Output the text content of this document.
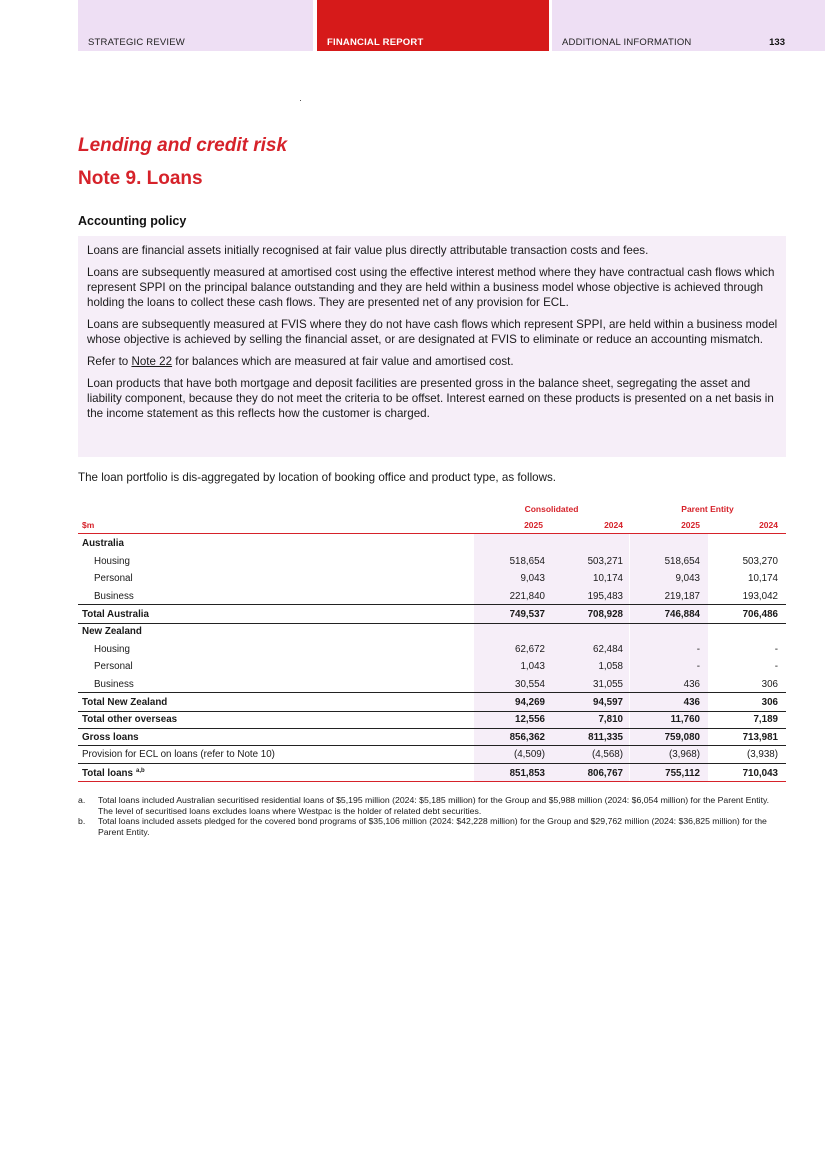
STRATEGIC REVIEW	FINANCIAL REPORT	ADDITIONAL INFORMATION	133
Lending and credit risk
Note 9. Loans
Accounting policy

Loans are financial assets initially recognised at fair value plus directly attributable transaction costs and fees.

Loans are subsequently measured at amortised cost using the effective interest method where they have contractual cash flows which represent SPPI on the principal balance outstanding and they are held within a business model whose objective is achieved through holding the loans to collect these cash flows. They are presented net of any provision for ECL.

Loans are subsequently measured at FVIS where they do not have cash flows which represent SPPI, are held within a business model whose objective is achieved by selling the financial asset, or are designated at FVIS to eliminate or reduce an accounting mismatch.

Refer to Note 22 for balances which are measured at fair value and amortised cost.

Loan products that have both mortgage and deposit facilities are presented gross in the balance sheet, segregating the asset and liability component, because they do not meet the criteria to be offset. Interest earned on these products is presented on a net basis in the income statement as this reflects how the customer is charged.

The loan portfolio is dis-aggregated by location of booking office and product type, as follows.

Consolidated	Parent Entity
$m	2025	2024	2025	2024
Australia
Housing	518,654	503,271	518,654	503,270
Personal	9,043	10,174	9,043	10,174
Business	221,840	195,483	219,187	193,042
Total Australia	749,537	708,928	746,884	706,486
New Zealand
Housing	62,672	62,484	-	-
Personal	1,043	1,058	-	-
Business	30,554	31,055	436	306
Total New Zealand	94,269	94,597	436	306
Total other overseas	12,556	7,810	11,760	7,189
Gross loans	856,362	811,335	759,080	713,981
Provision for ECL on loans (refer to Note 10)	(4,509)	(4,568)	(3,968)	(3,938)
Total loans a,b	851,853	806,767	755,112	710,043

a. Total loans included Australian securitised residential loans of $5,195 million (2024: $5,185 million) for the Group and $5,988 million (2024: $6,054 million) for the Parent Entity. The level of securitised loans excludes loans where Westpac is the holder of related debt securities.

b. Total loans included assets pledged for the covered bond programs of $35,106 million (2024: $42,228 million) for the Group and $29,762 million (2024: $36,825 million) for the Parent Entity.
